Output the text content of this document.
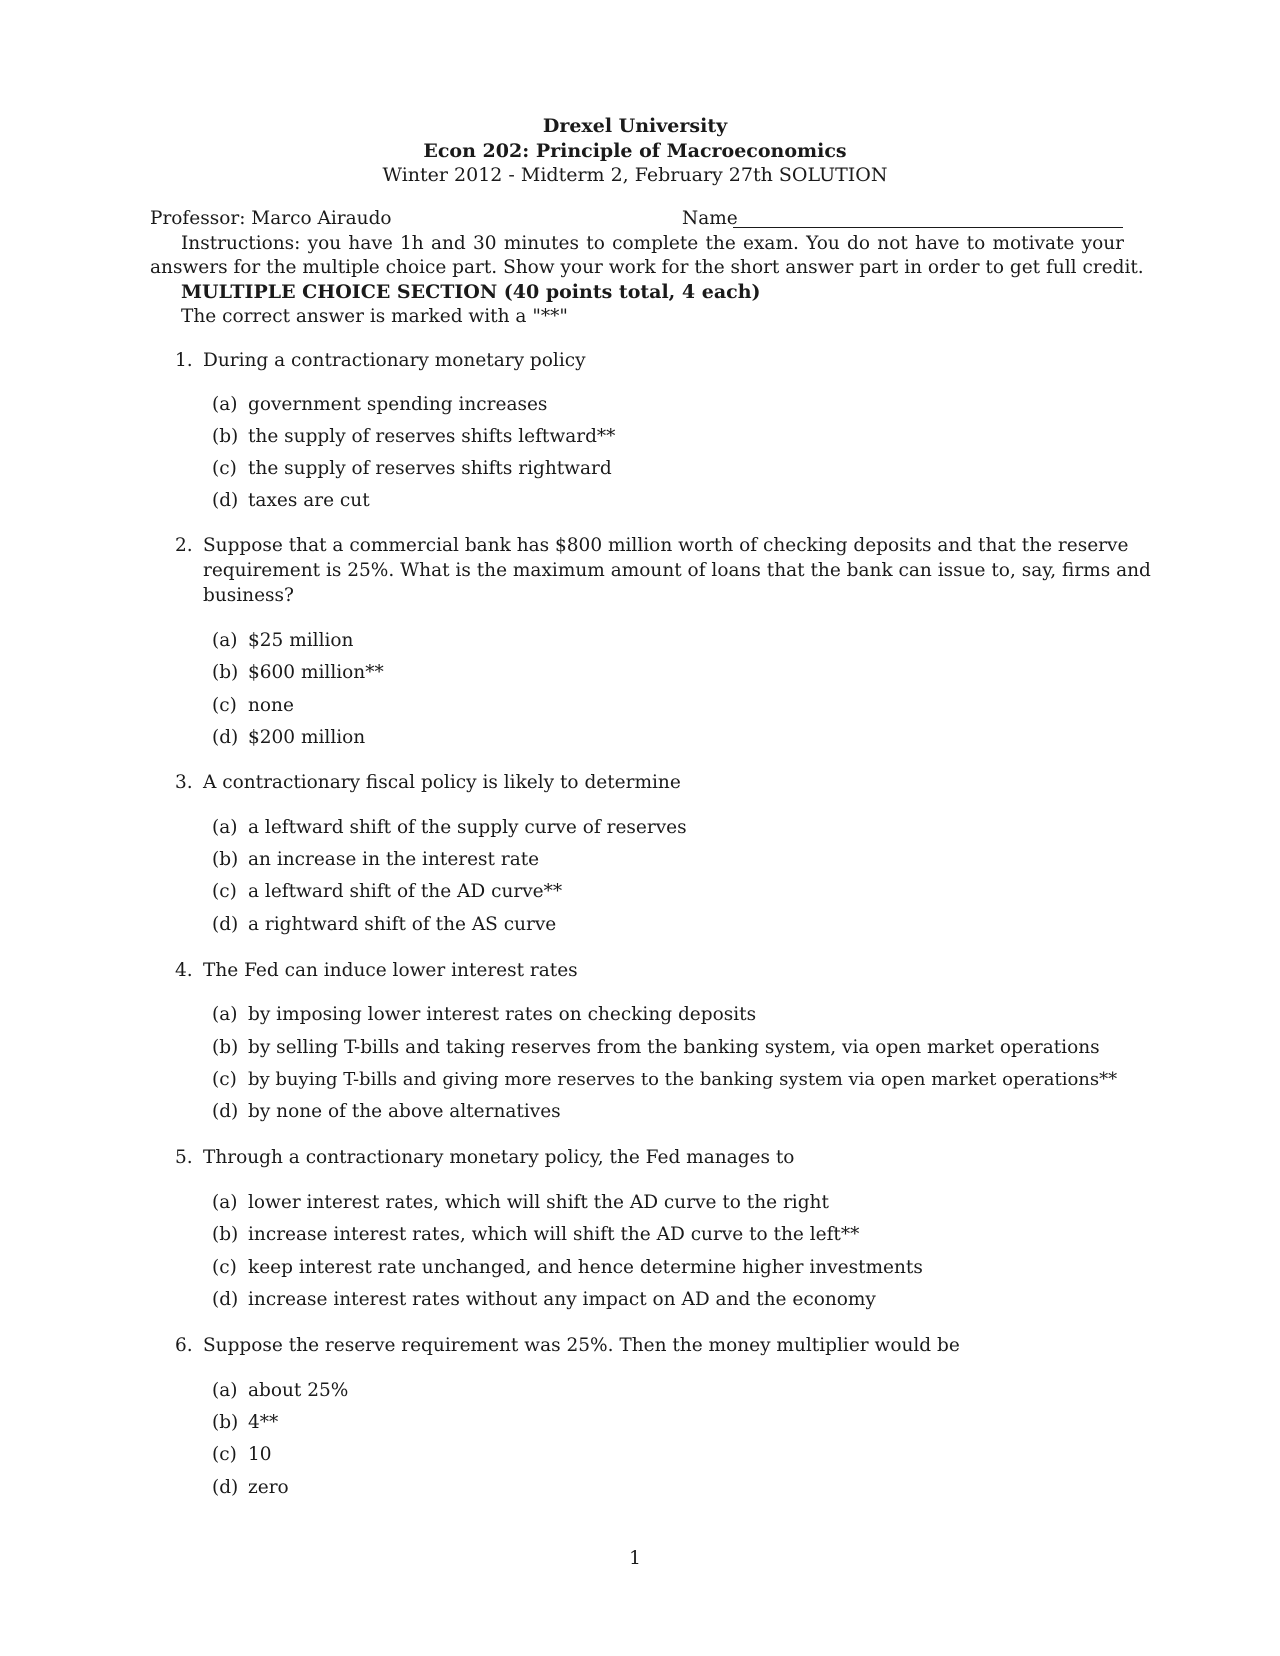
Drexel University
Econ 202: Principle of Macroeconomics
Winter 2012 - Midterm 2, February 27th SOLUTION
Professor: Marco Airaudo	Name
Instructions: you have 1h and 30 minutes to complete the exam. You do not have to motivate your
answers for the multiple choice part. Show your work for the short answer part in order to get full credit.
MULTIPLE CHOICE SECTION (40 points total, 4 each)
The correct answer is marked with a "**"
1. During a contractionary monetary policy
(a) government spending increases
(b) the supply of reserves shifts leftward**
(c) the supply of reserves shifts rightward
(d) taxes are cut
2. Suppose that a commercial bank has $800 million worth of checking deposits and that the reserve
requirement is 25%. What is the maximum amount of loans that the bank can issue to, say, firms and
business?
(a) $25 million
(b) $600 million**
(c) none
(d) $200 million
3. A contractionary fiscal policy is likely to determine
(a) a leftward shift of the supply curve of reserves
(b) an increase in the interest rate
(c) a leftward shift of the AD curve**
(d) a rightward shift of the AS curve
4. The Fed can induce lower interest rates
(a) by imposing lower interest rates on checking deposits
(b) by selling T-bills and taking reserves from the banking system, via open market operations
(c) by buying T-bills and giving more reserves to the banking system via open market operations**
(d) by none of the above alternatives
5. Through a contractionary monetary policy, the Fed manages to
(a) lower interest rates, which will shift the AD curve to the right
(b) increase interest rates, which will shift the AD curve to the left**
(c) keep interest rate unchanged, and hence determine higher investments
(d) increase interest rates without any impact on AD and the economy
6. Suppose the reserve requirement was 25%. Then the money multiplier would be
(a) about 25%
(b) 4**
(c) 10
(d) zero
1
